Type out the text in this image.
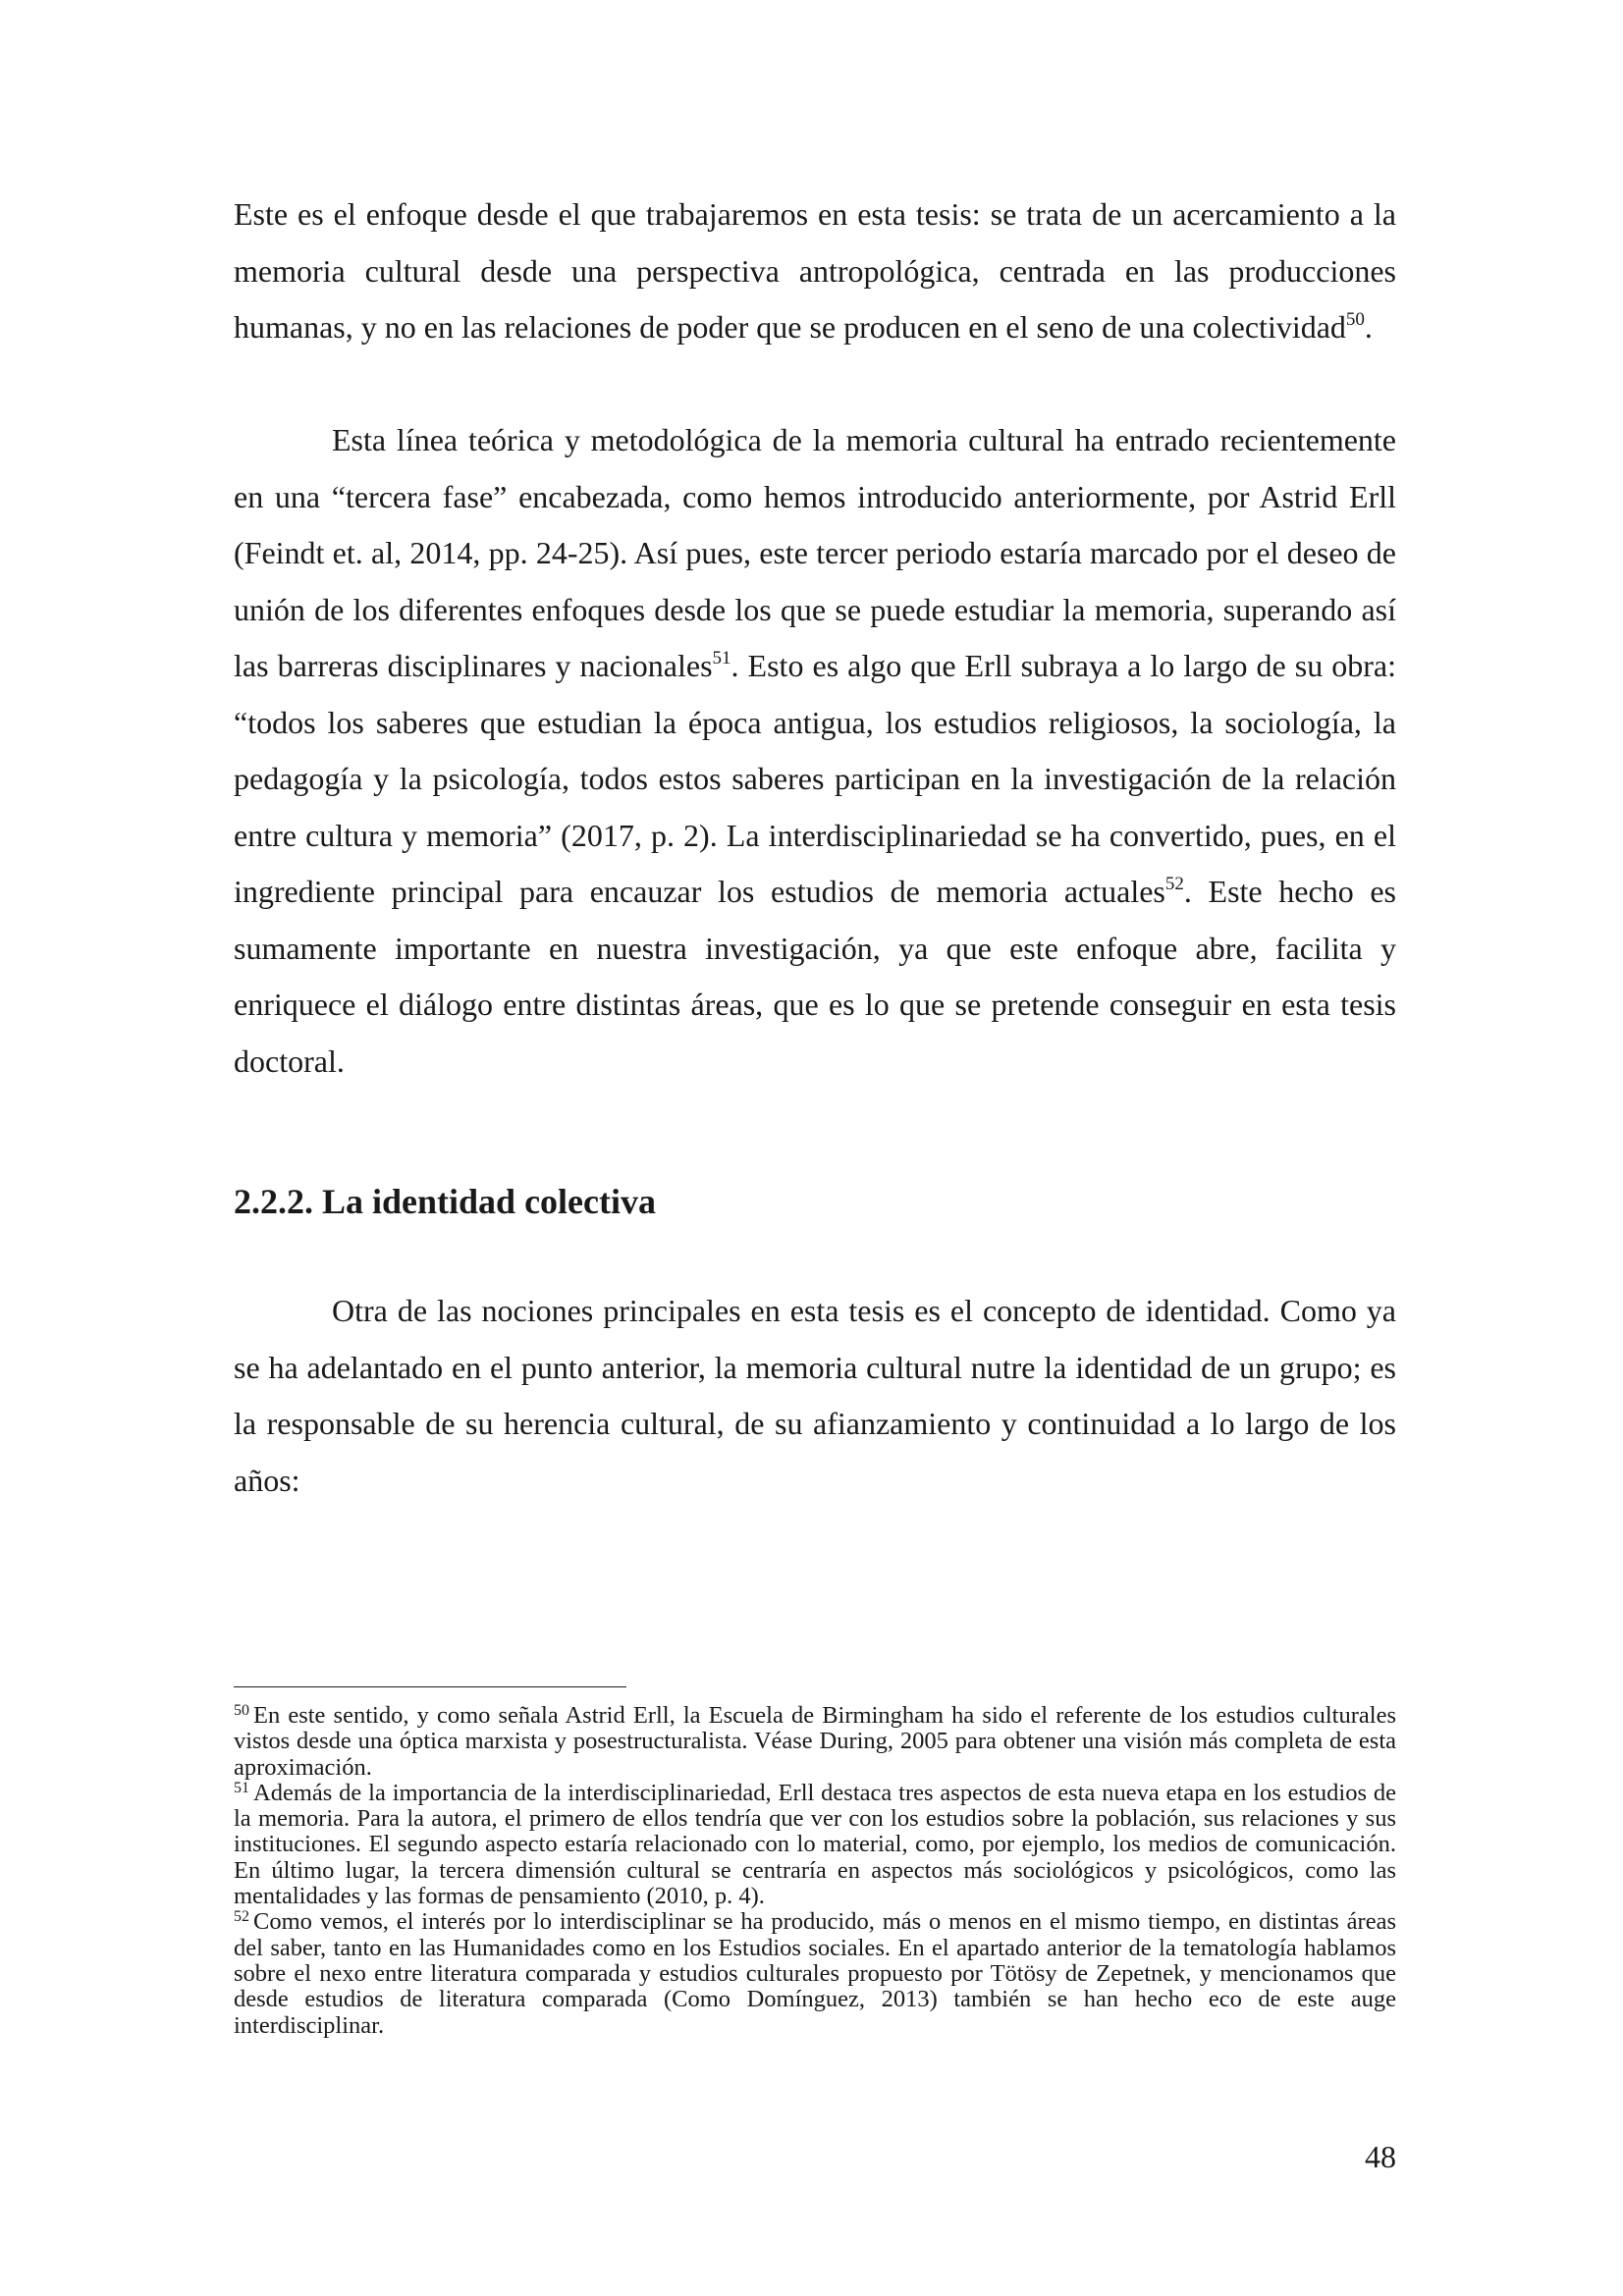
Este es el enfoque desde el que trabajaremos en esta tesis: se trata de un acercamiento a la memoria cultural desde una perspectiva antropológica, centrada en las producciones humanas, y no en las relaciones de poder que se producen en el seno de una colectividad$^{50}$.

Esta línea teórica y metodológica de la memoria cultural ha entrado recientemente en una “tercera fase” encabezada, como hemos introducido anteriormente, por Astrid Erll (Feindt et. al, 2014, pp. 24-25). Así pues, este tercer periodo estaría marcado por el deseo de unión de los diferentes enfoques desde los que se puede estudiar la memoria, superando así las barreras disciplinares y nacionales$^{51}$. Esto es algo que Erll subraya a lo largo de su obra: “todos los saberes que estudian la época antigua, los estudios religiosos, la sociología, la pedagogía y la psicología, todos estos saberes participan en la investigación de la relación entre cultura y memoria” (2017, p. 2). La interdisciplinariedad se ha convertido, pues, en el ingrediente principal para encauzar los estudios de memoria actuales$^{52}$. Este hecho es sumamente importante en nuestra investigación, ya que este enfoque abre, facilita y enriquece el diálogo entre distintas áreas, que es lo que se pretende conseguir en esta tesis doctoral.

2.2.2. La identidad colectiva

Otra de las nociones principales en esta tesis es el concepto de identidad. Como ya se ha adelantado en el punto anterior, la memoria cultural nutre la identidad de un grupo; es la responsable de su herencia cultural, de su afianzamiento y continuidad a lo largo de los años:

$^{50}$ En este sentido, y como señala Astrid Erll, la Escuela de Birmingham ha sido el referente de los estudios culturales vistos desde una óptica marxista y posestructuralista. Véase During, 2005 para obtener una visión más completa de esta aproximación.

$^{51}$ Además de la importancia de la interdisciplinariedad, Erll destaca tres aspectos de esta nueva etapa en los estudios de la memoria. Para la autora, el primero de ellos tendría que ver con los estudios sobre la población, sus relaciones y sus instituciones. El segundo aspecto estaría relacionado con lo material, como, por ejemplo, los medios de comunicación. En último lugar, la tercera dimensión cultural se centraría en aspectos más sociológicos y psicológicos, como las mentalidades y las formas de pensamiento (2010, p. 4).

$^{52}$ Como vemos, el interés por lo interdisciplinar se ha producido, más o menos en el mismo tiempo, en distintas áreas del saber, tanto en las Humanidades como en los Estudios sociales. En el apartado anterior de la tematología hablamos sobre el nexo entre literatura comparada y estudios culturales propuesto por Tötösy de Zepetnek, y mencionamos que desde estudios de literatura comparada (Como Domínguez, 2013) también se han hecho eco de este auge interdisciplinar.

48
